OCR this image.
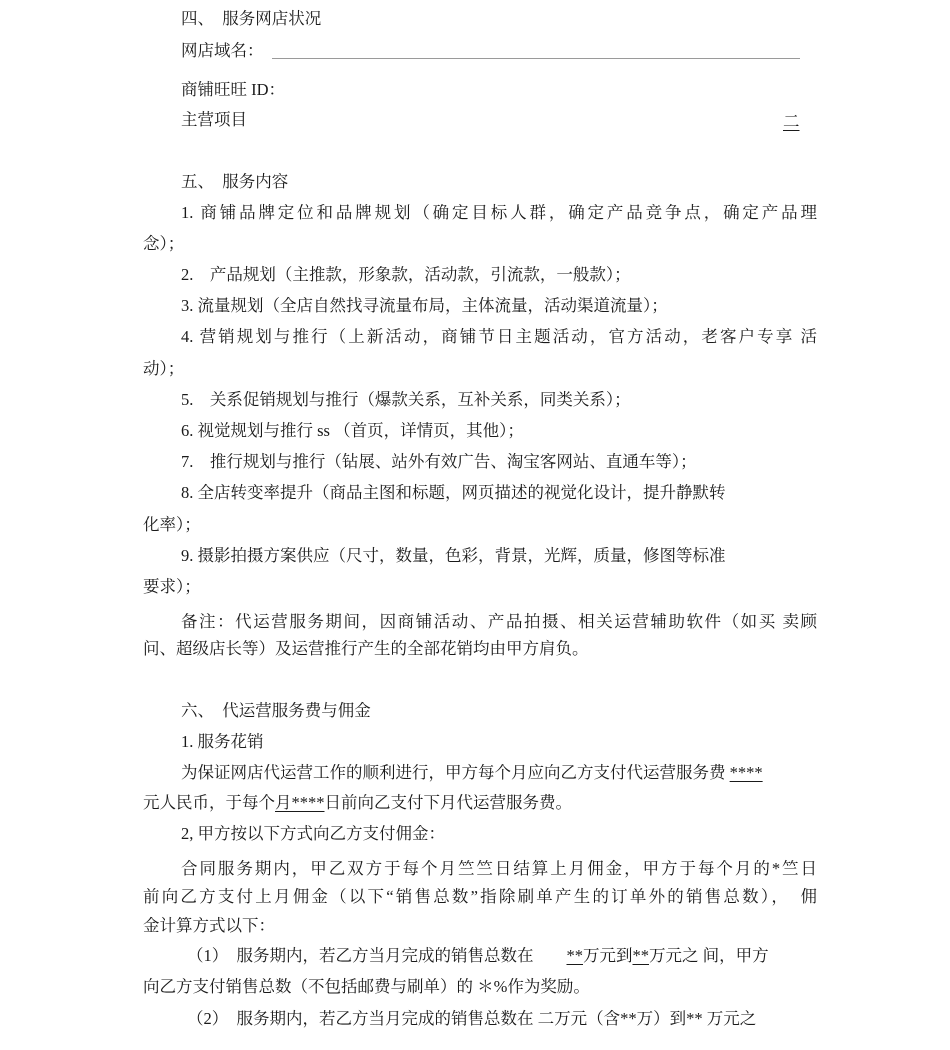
四、　服务网店状况
网店域名：
商铺旺旺 ID：
主营项目	二
五、　服务内容
1. 商铺品牌定位和品牌规划（确定目标人群，确定产品竞争点，确定产品理
念）；
2.　产品规划（主推款，形象款，活动款，引流款，一般款）；
3. 流量规划（全店自然找寻流量布局，主体流量，活动渠道流量）；
4. 营销规划与推行（上新活动，商铺节日主题活动，官方活动，老客户专享 活
动）；
5.　关系促销规划与推行（爆款关系，互补关系，同类关系）；
6. 视觉规划与推行 ss （首页，详情页，其他）；
7.　推行规划与推行（钻展、站外有效广告、淘宝客网站、直通车等）；
8. 全店转变率提升（商品主图和标题，网页描述的视觉化设计，提升静默转
化率）；
9. 摄影拍摄方案供应（尺寸，数量，色彩，背景，光辉，质量，修图等标准
要求）；
备注：代运营服务期间，因商铺活动、产品拍摄、相关运营辅助软件（如买 卖顾
问、超级店长等）及运营推行产生的全部花销均由甲方肩负。
六、　代运营服务费与佣金
1. 服务花销
为保证网店代运营工作的顺利进行，甲方每个月应向乙方支付代运营服务费 ****
元人民币，于每个月****日前向乙支付下月代运营服务费。
2, 甲方按以下方式向乙方支付佣金：
合同服务期内，甲乙双方于每个月竺竺日结算上月佣金，甲方于每个月的*竺日
前向乙方支付上月佣金（以下“销售总数”指除刷单产生的订单外的销售总数），　佣
金计算方式以下：
（1）　服务期内，若乙方当月完成的销售总数在　　**万元到**万元之 间，甲方
向乙方支付销售总数（不包括邮费与刷单）的 ＊%作为奖励。
（2）　服务期内，若乙方当月完成的销售总数在 二万元（含**万）到** 万元之
